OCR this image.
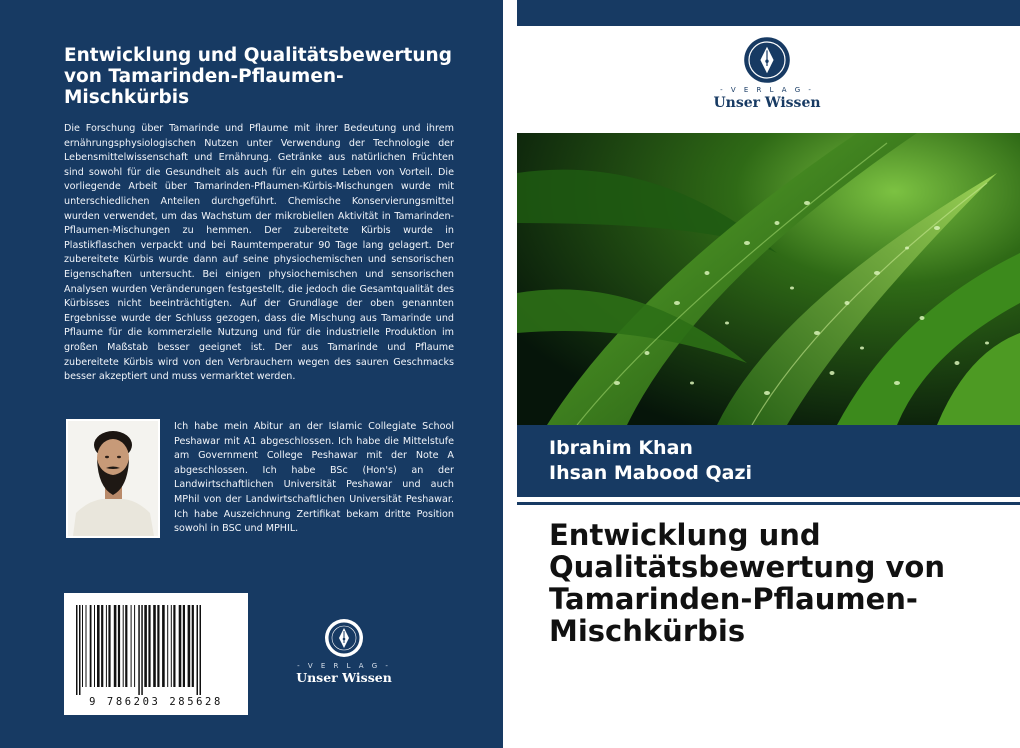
Entwicklung und Qualitätsbewertung von Tamarinden-Pflaumen-Mischkürbis
Die Forschung über Tamarinde und Pflaume mit ihrer Bedeutung und ihrem ernährungsphysiologischen Nutzen unter Verwendung der Technologie der Lebensmittelwissenschaft und Ernährung. Getränke aus natürlichen Früchten sind sowohl für die Gesundheit als auch für ein gutes Leben von Vorteil. Die vorliegende Arbeit über Tamarinden-Pflaumen-Kürbis-Mischungen wurde mit unterschiedlichen Anteilen durchgeführt. Chemische Konservierungsmittel wurden verwendet, um das Wachstum der mikrobiellen Aktivität in Tamarinden-Pflaumen-Mischungen zu hemmen. Der zubereitete Kürbis wurde in Plastikflaschen verpackt und bei Raumtemperatur 90 Tage lang gelagert. Der zubereitete Kürbis wurde dann auf seine physiochemischen und sensorischen Eigenschaften untersucht. Bei einigen physiochemischen und sensorischen Analysen wurden Veränderungen festgestellt, die jedoch die Gesamtqualität des Kürbisses nicht beeinträchtigten. Auf der Grundlage der oben genannten Ergebnisse wurde der Schluss gezogen, dass die Mischung aus Tamarinde und Pflaume für die kommerzielle Nutzung und für die industrielle Produktion im großen Maßstab besser geeignet ist. Der aus Tamarinde und Pflaume zubereitete Kürbis wird von den Verbrauchern wegen des sauren Geschmacks besser akzeptiert und muss vermarktet werden.
Ich habe mein Abitur an der Islamic Collegiate School Peshawar mit A1 abgeschlossen. Ich habe die Mittelstufe am Government College Peshawar mit der Note A abgeschlossen. Ich habe BSc (Hon's) an der Landwirtschaftlichen Universität Peshawar und auch MPhil von der Landwirtschaftlichen Universität Peshawar. Ich habe Auszeichnung Zertifikat bekam dritte Position sowohl in BSC und MPHIL.
9 786203 285628
- V E R L A G -
Unser Wissen
- V E R L A G -
Unser Wissen
Ibrahim Khan
Ihsan Mabood Qazi
Entwicklung und Qualitätsbewertung von Tamarinden-Pflaumen-Mischkürbis
